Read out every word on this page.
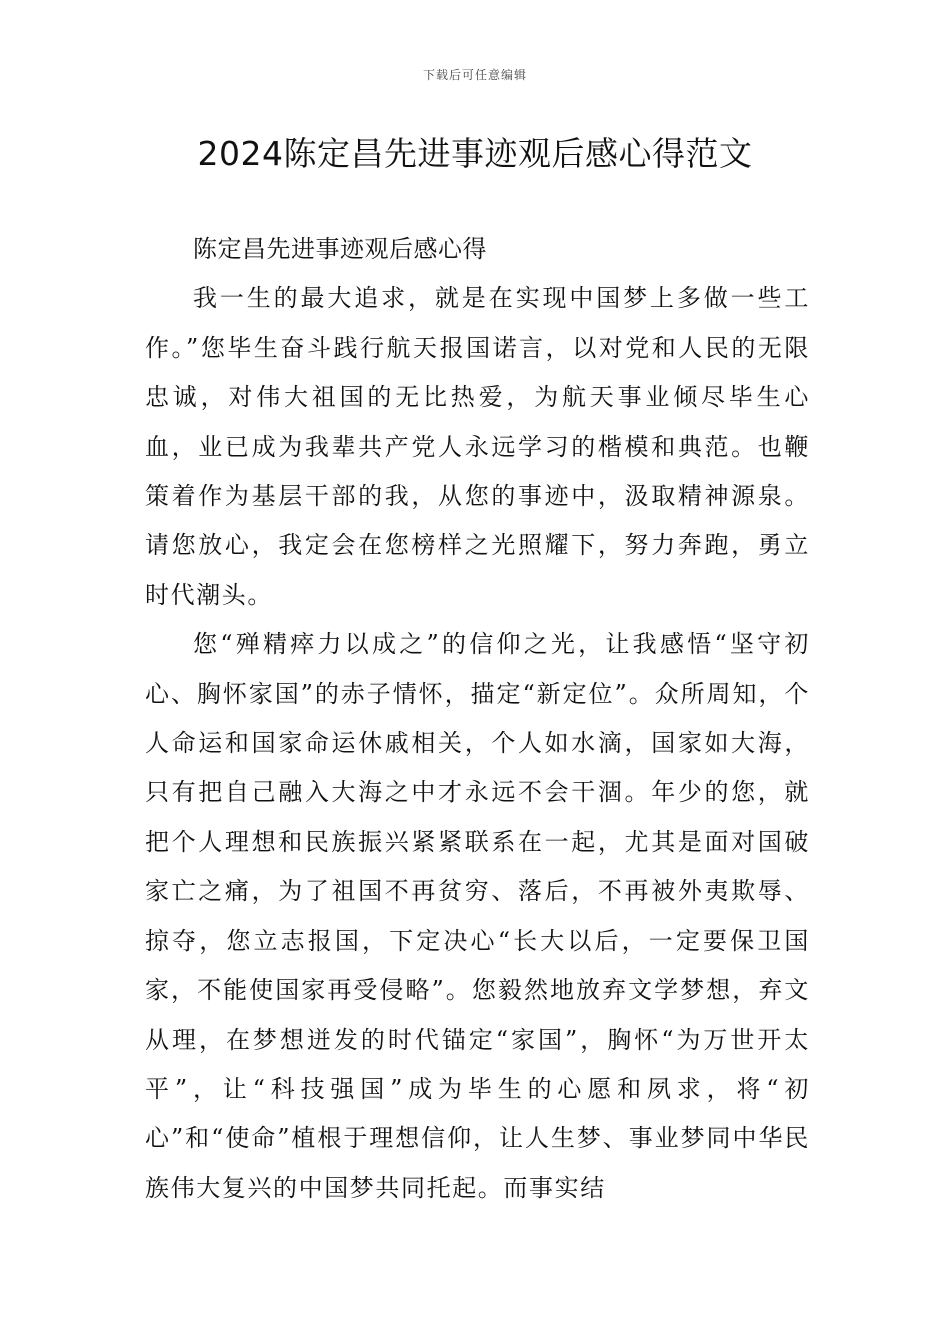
下载后可任意编辑
2024陈定昌先进事迹观后感心得范文

陈定昌先进事迹观后感心得

我一生的最大追求，就是在实现中国梦上多做一些工作。”您毕生奋斗践行航天报国诺言，以对党和人民的无限忠诚，对伟大祖国的无比热爱，为航天事业倾尽毕生心血，业已成为我辈共产党人永远学习的楷模和典范。也鞭策着作为基层干部的我，从您的事迹中，汲取精神源泉。请您放心，我定会在您榜样之光照耀下，努力奔跑，勇立时代潮头。

您“殚精瘁力以成之”的信仰之光，让我感悟“坚守初心、胸怀家国”的赤子情怀，描定“新定位”。众所周知，个人命运和国家命运休戚相关，个人如水滴，国家如大海，只有把自己融入大海之中才永远不会干涸。年少的您，就把个人理想和民族振兴紧紧联系在一起，尤其是面对国破家亡之痛，为了祖国不再贫穷、落后，不再被外夷欺辱、掠夺，您立志报国，下定决心“长大以后，一定要保卫国家，不能使国家再受侵略”。您毅然地放弃文学梦想，弃文从理，在梦想迸发的时代锚定“家国”，胸怀“为万世开太平”，让“科技强国”成为毕生的心愿和夙求，将“初心”和“使命”植根于理想信仰，让人生梦、事业梦同中华民族伟大复兴的中国梦共同托起。而事实结
